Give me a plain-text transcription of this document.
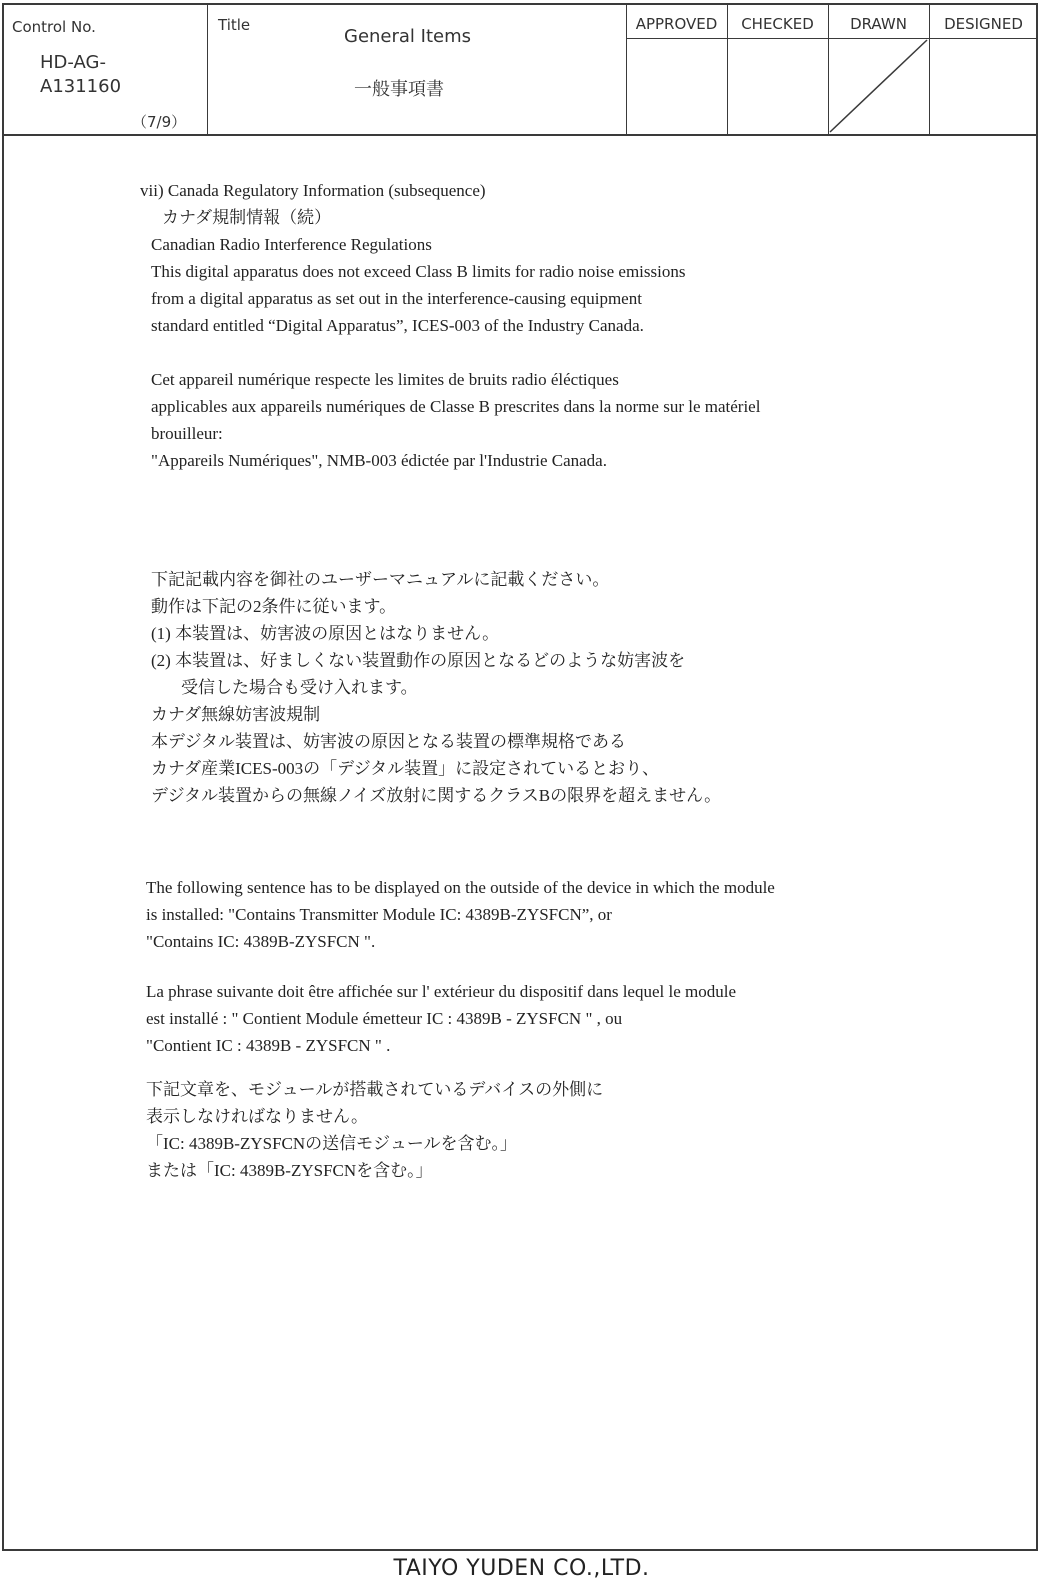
Control No.
HD-AG-
A131160
（7/9）
Title
General Items
一般事項書
APPROVED	CHECKED	DRAWN	DESIGNED
vii) Canada Regulatory Information (subsequence)
カナダ規制情報（続）
Canadian Radio Interference Regulations
This digital apparatus does not exceed Class B limits for radio noise emissions
from a digital apparatus as set out in the interference-causing equipment
standard entitled “Digital Apparatus”, ICES-003 of the Industry Canada.
Cet appareil numérique respecte les limites de bruits radio éléctiques
applicables aux appareils numériques de Classe B prescrites dans la norme sur le matériel
brouilleur:
"Appareils Numériques", NMB-003 édictée par l'Industrie Canada.
下記記載内容を御社のユーザーマニュアルに記載ください。
動作は下記の2条件に従います。
(1) 本装置は、妨害波の原因とはなりません。
(2) 本装置は、好ましくない装置動作の原因となるどのような妨害波を
受信した場合も受け入れます。
カナダ無線妨害波規制
本デジタル装置は、妨害波の原因となる装置の標準規格である
カナダ産業ICES-003の「デジタル装置」に設定されているとおり、
デジタル装置からの無線ノイズ放射に関するクラスBの限界を超えません。
The following sentence has to be displayed on the outside of the device in which the module
is installed: "Contains Transmitter Module IC: 4389B-ZYSFCN”, or
"Contains IC: 4389B-ZYSFCN ".
La phrase suivante doit être affichée sur l' extérieur du dispositif dans lequel le module
est installé : " Contient Module émetteur IC : 4389B - ZYSFCN " , ou
"Contient IC : 4389B - ZYSFCN " .
下記文章を、モジュールが搭載されているデバイスの外側に
表示しなければなりません。
「IC: 4389B-ZYSFCNの送信モジュールを含む。」
または「IC: 4389B-ZYSFCNを含む。」
TAIYO YUDEN CO.,LTD.
